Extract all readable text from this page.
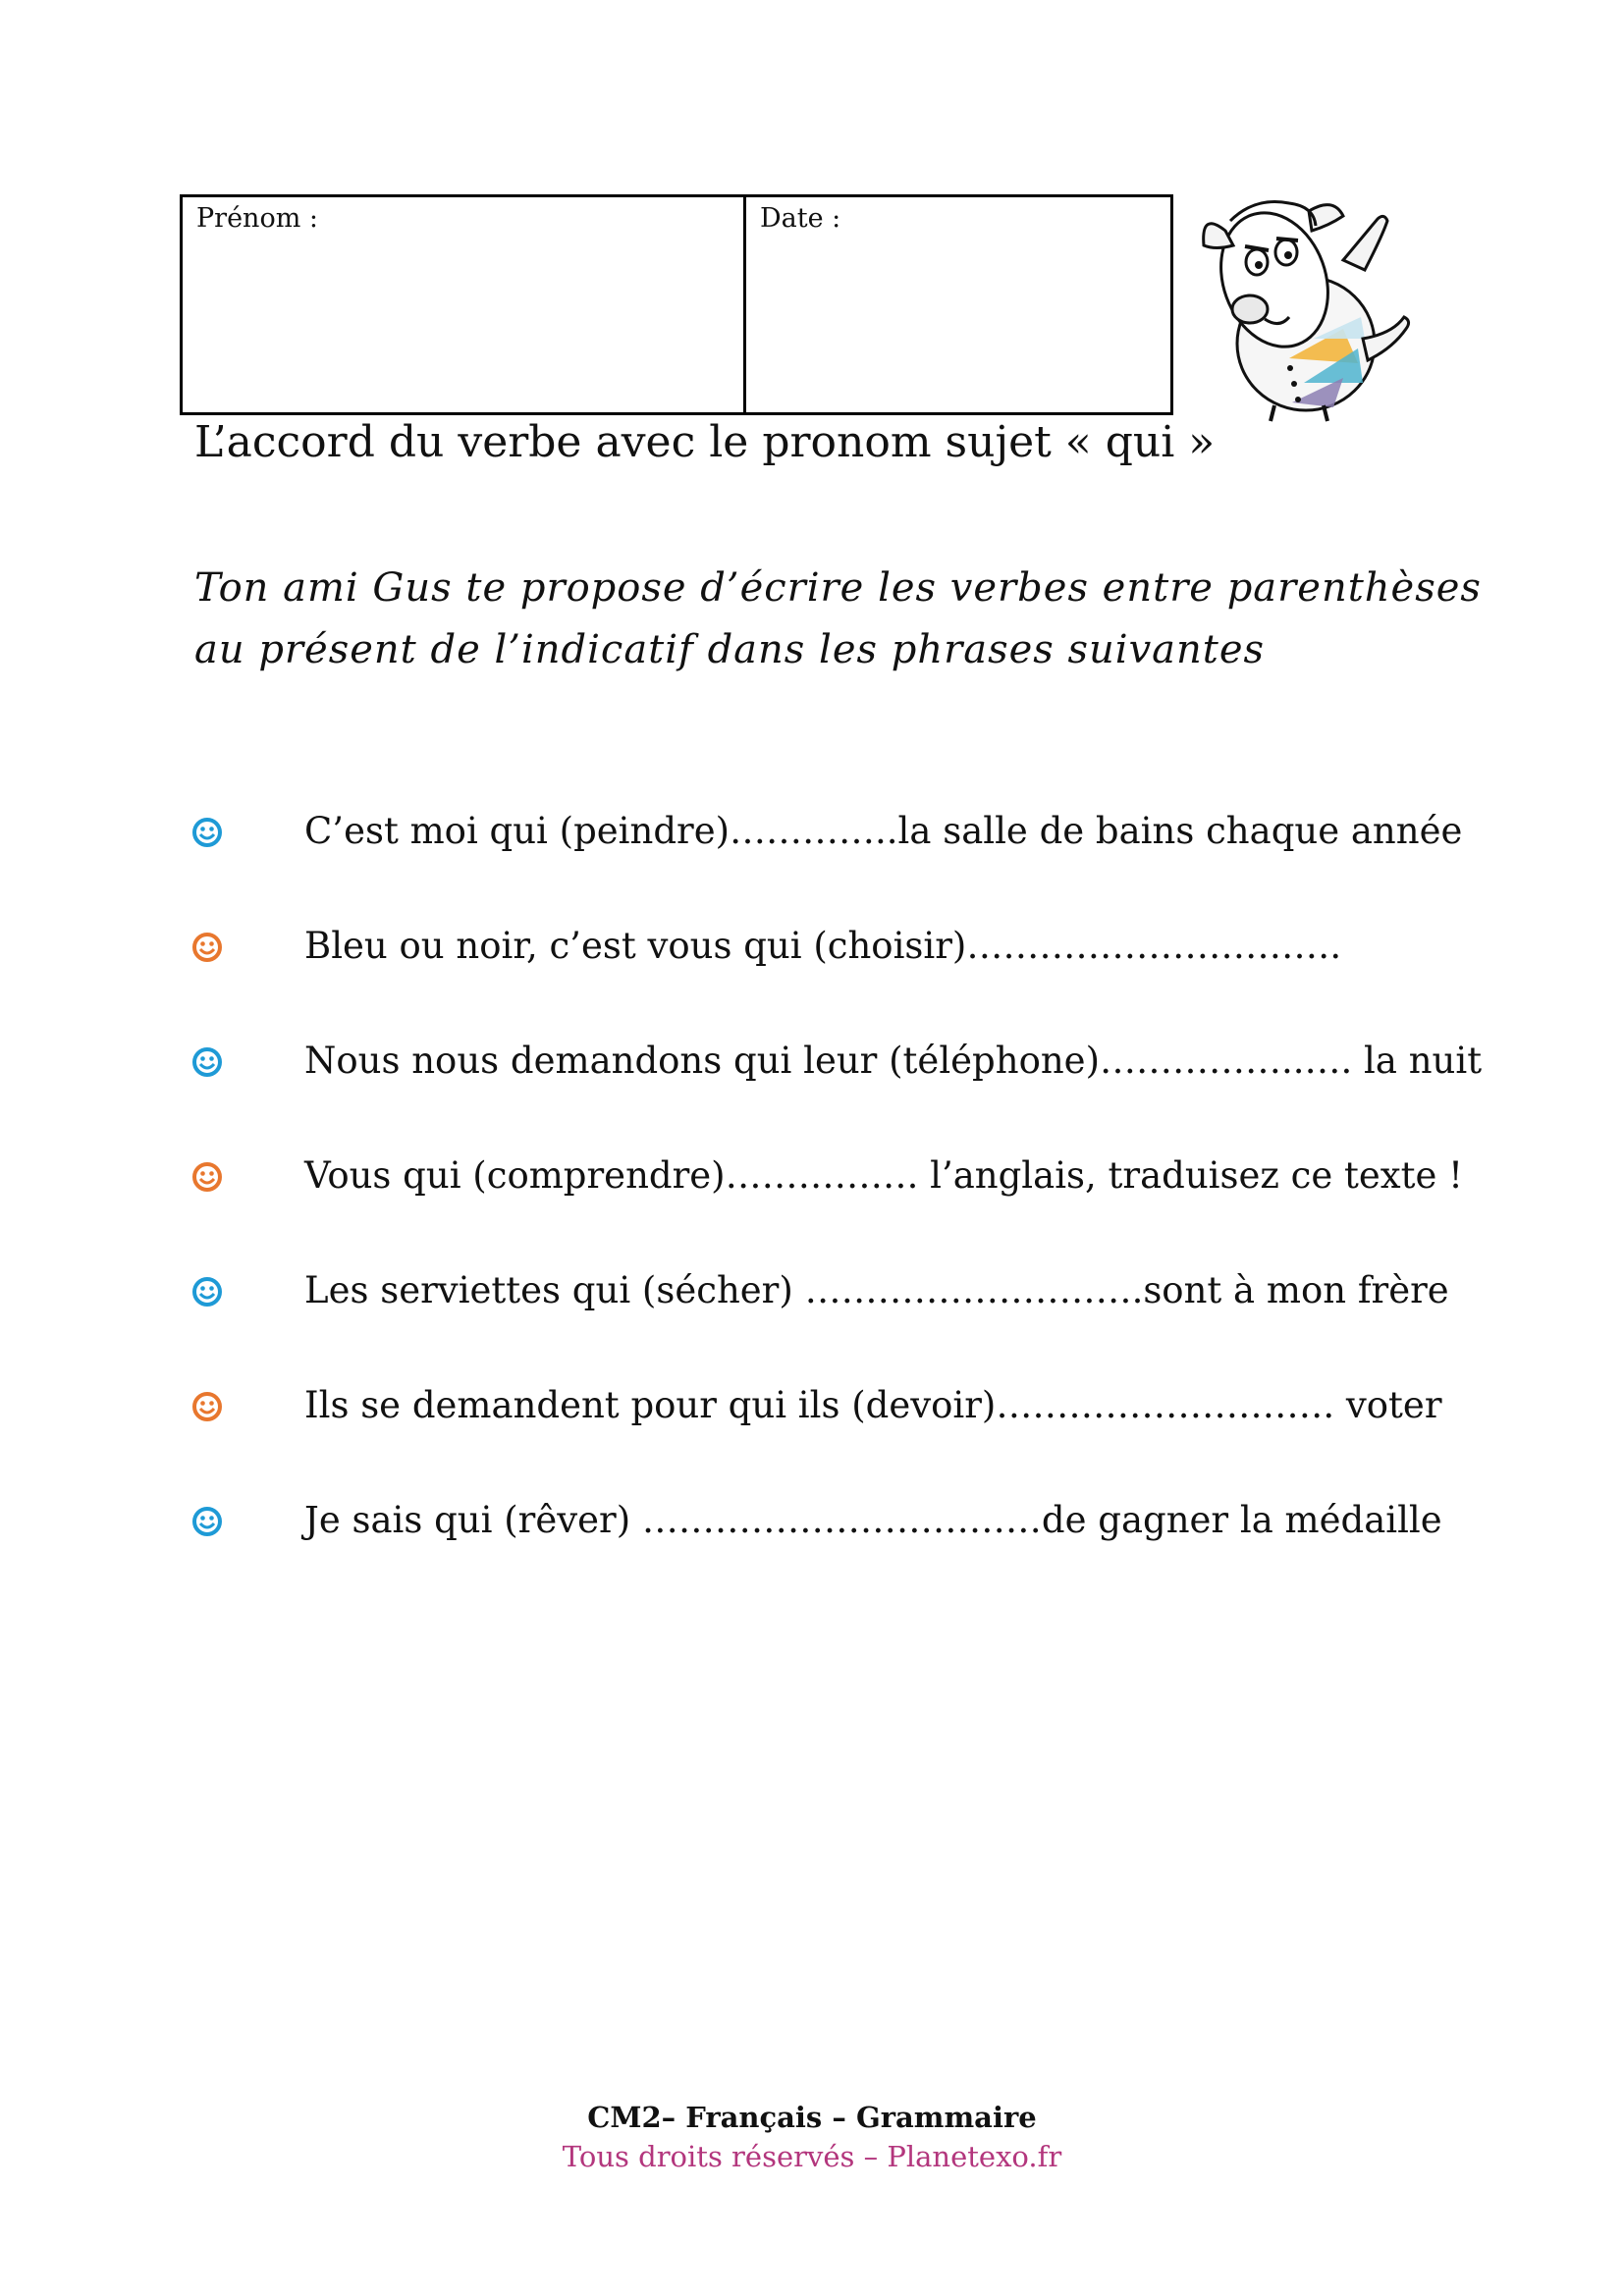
Prénom :	Date :
L’accord du verbe avec le pronom sujet « qui »
Ton ami Gus te propose d’écrire les verbes entre parenthèses
au présent de l’indicatif dans les phrases suivantes
C’est moi qui (peindre)…………..la salle de bains chaque année
Bleu ou noir, c’est vous qui (choisir)………………………….
Nous nous demandons qui leur (téléphone)……………..…. la nuit
Vous qui (comprendre)……………. l’anglais, traduisez ce texte !
Les serviettes qui (sécher) ……………………….sont à mon frère
Ils se demandent pour qui ils (devoir)………………………. voter
Je sais qui (rêver) ……………………………de gagner la médaille
CM2– Français – Grammaire
Tous droits réservés – Planetexo.fr
